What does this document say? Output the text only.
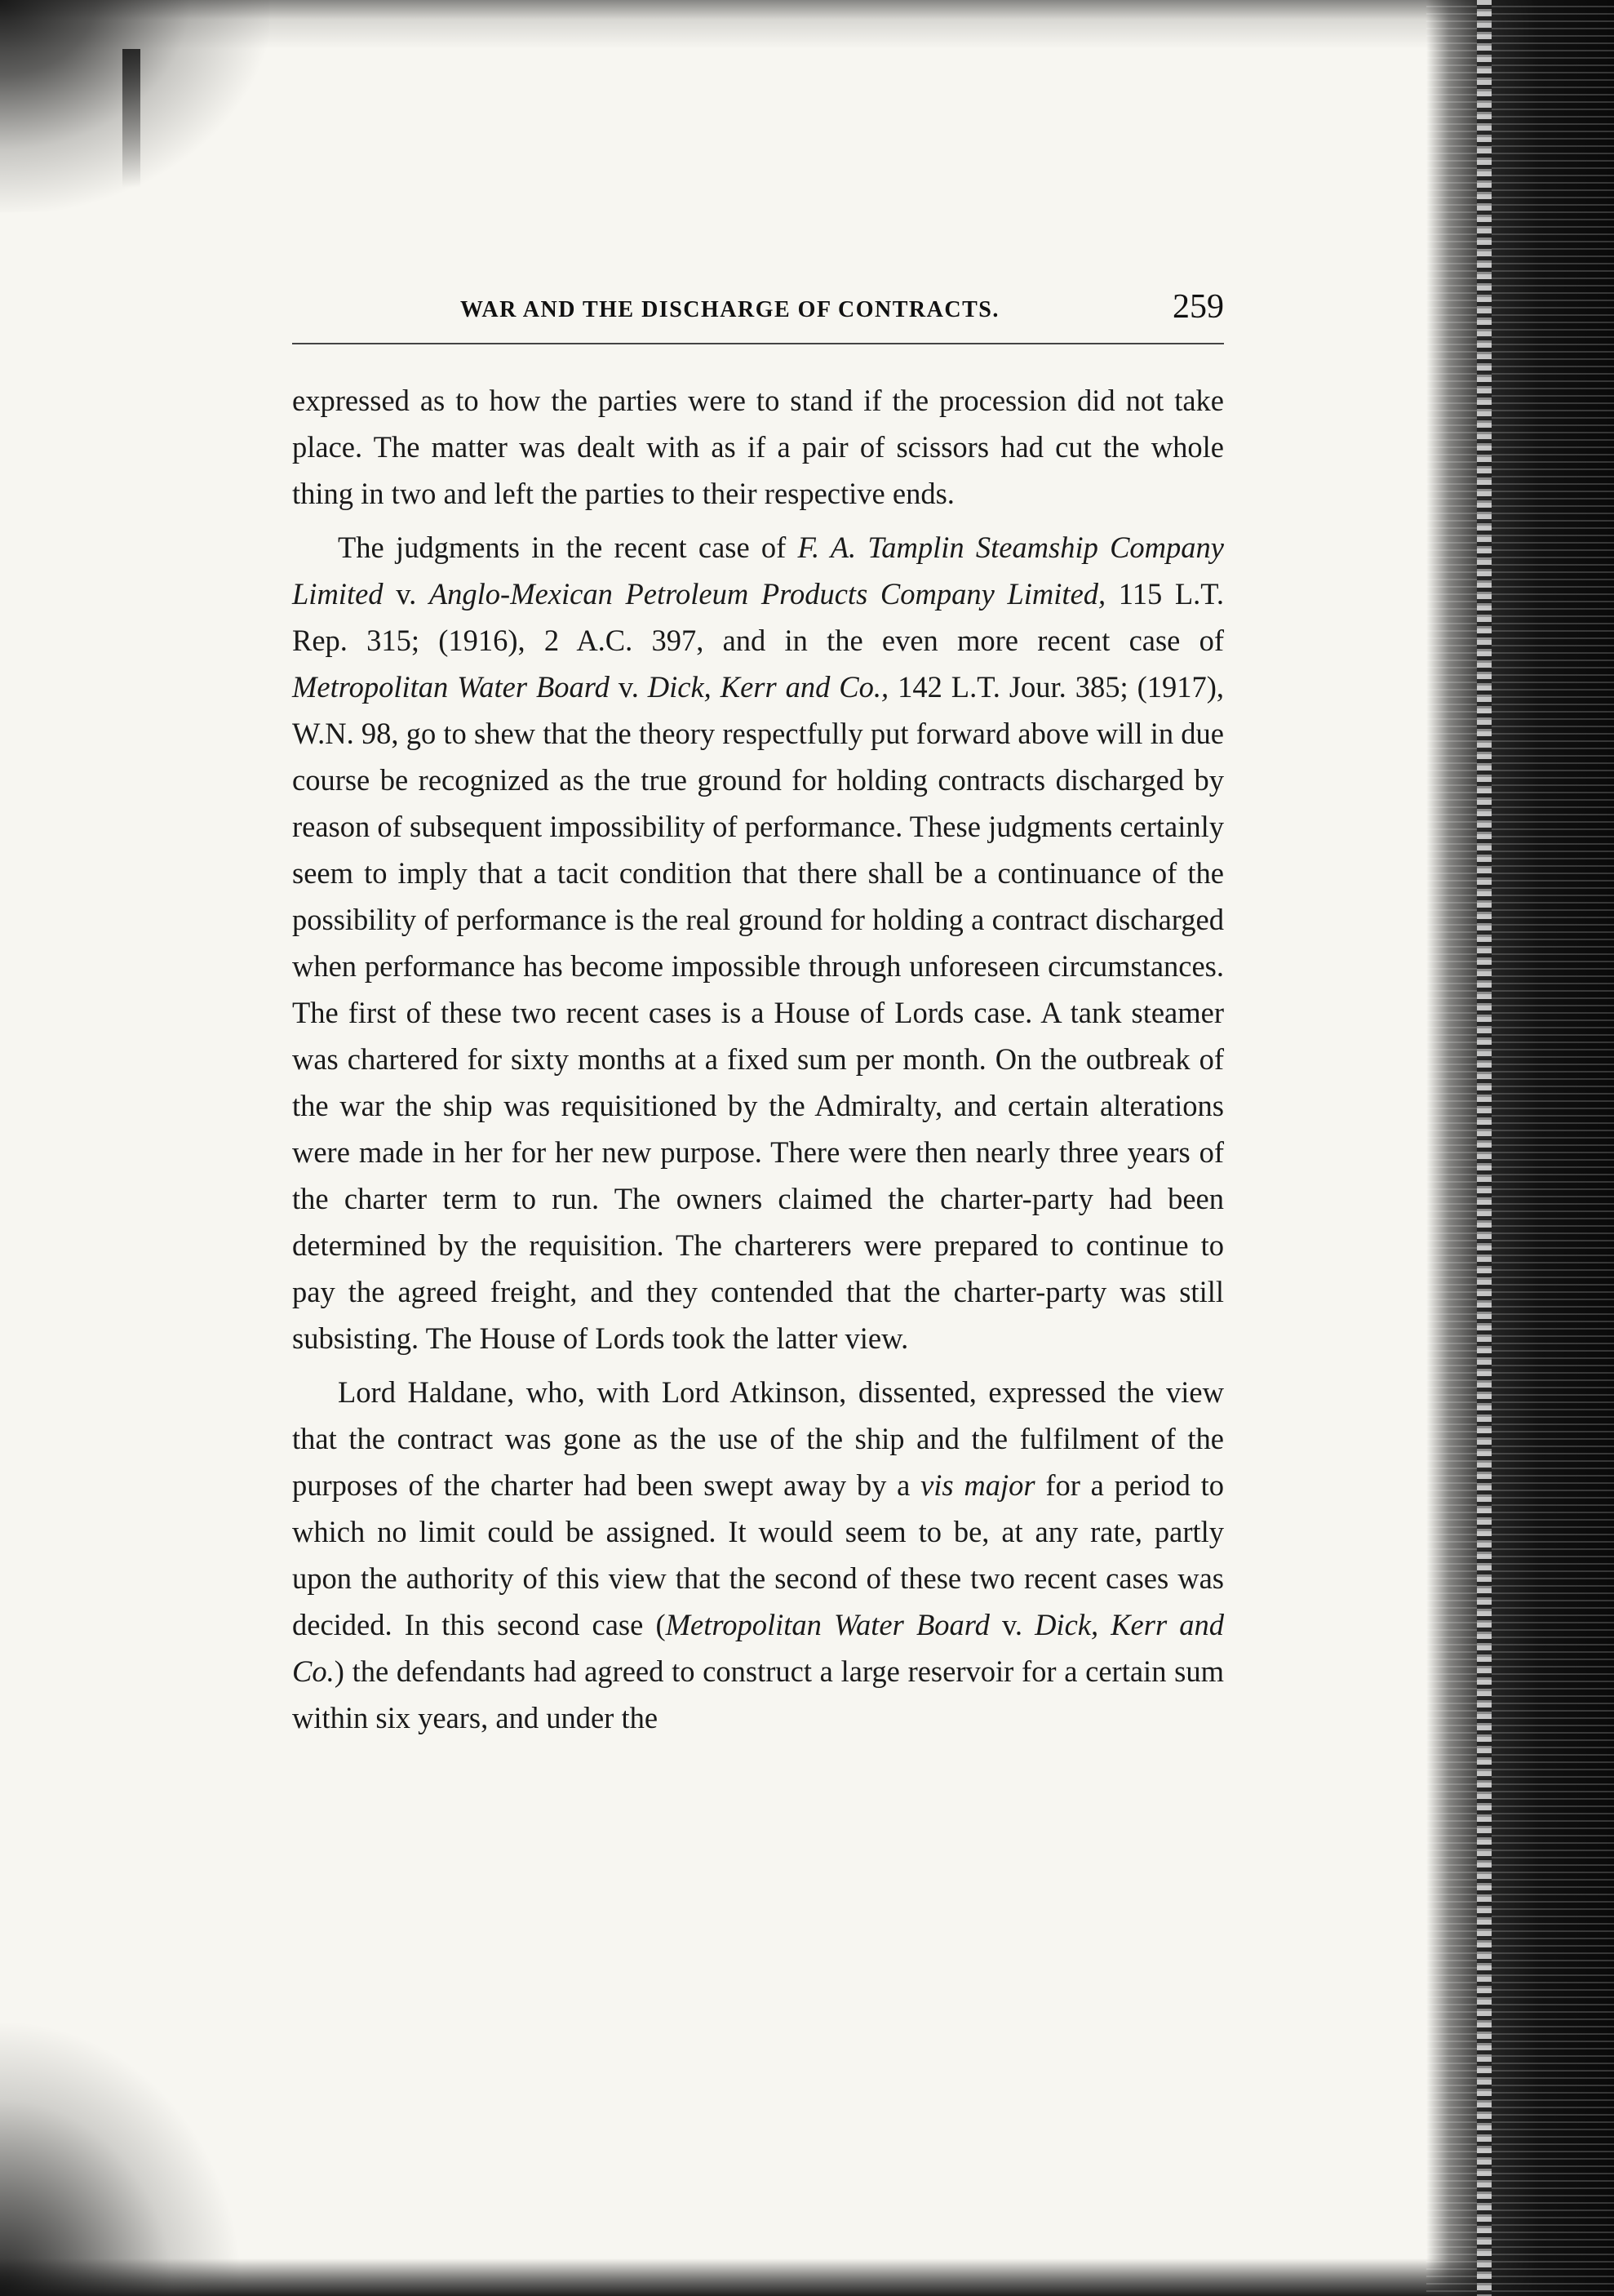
WAR AND THE DISCHARGE OF CONTRACTS.	259

expressed as to how the parties were to stand if the procession did not take place. The matter was dealt with as if a pair of scissors had cut the whole thing in two and left the parties to their respective ends.

The judgments in the recent case of F. A. Tamplin Steamship Company Limited v. Anglo-Mexican Petroleum Products Company Limited, 115 L.T. Rep. 315; (1916), 2 A.C. 397, and in the even more recent case of Metropolitan Water Board v. Dick, Kerr and Co., 142 L.T. Jour. 385; (1917), W.N. 98, go to shew that the theory respectfully put forward above will in due course be recognized as the true ground for holding contracts discharged by reason of subsequent impossibility of performance. These judgments certainly seem to imply that a tacit condition that there shall be a continuance of the possibility of performance is the real ground for holding a contract discharged when performance has become impossible through unforeseen circumstances. The first of these two recent cases is a House of Lords case. A tank steamer was chartered for sixty months at a fixed sum per month. On the outbreak of the war the ship was requisitioned by the Admiralty, and certain alterations were made in her for her new purpose. There were then nearly three years of the charter term to run. The owners claimed the charter-party had been determined by the requisition. The charterers were prepared to continue to pay the agreed freight, and they contended that the charter-party was still subsisting. The House of Lords took the latter view.

Lord Haldane, who, with Lord Atkinson, dissented, expressed the view that the contract was gone as the use of the ship and the fulfilment of the purposes of the charter had been swept away by a vis major for a period to which no limit could be assigned. It would seem to be, at any rate, partly upon the authority of this view that the second of these two recent cases was decided. In this second case (Metropolitan Water Board v. Dick, Kerr and Co.) the defendants had agreed to construct a large reservoir for a certain sum within six years, and under the
